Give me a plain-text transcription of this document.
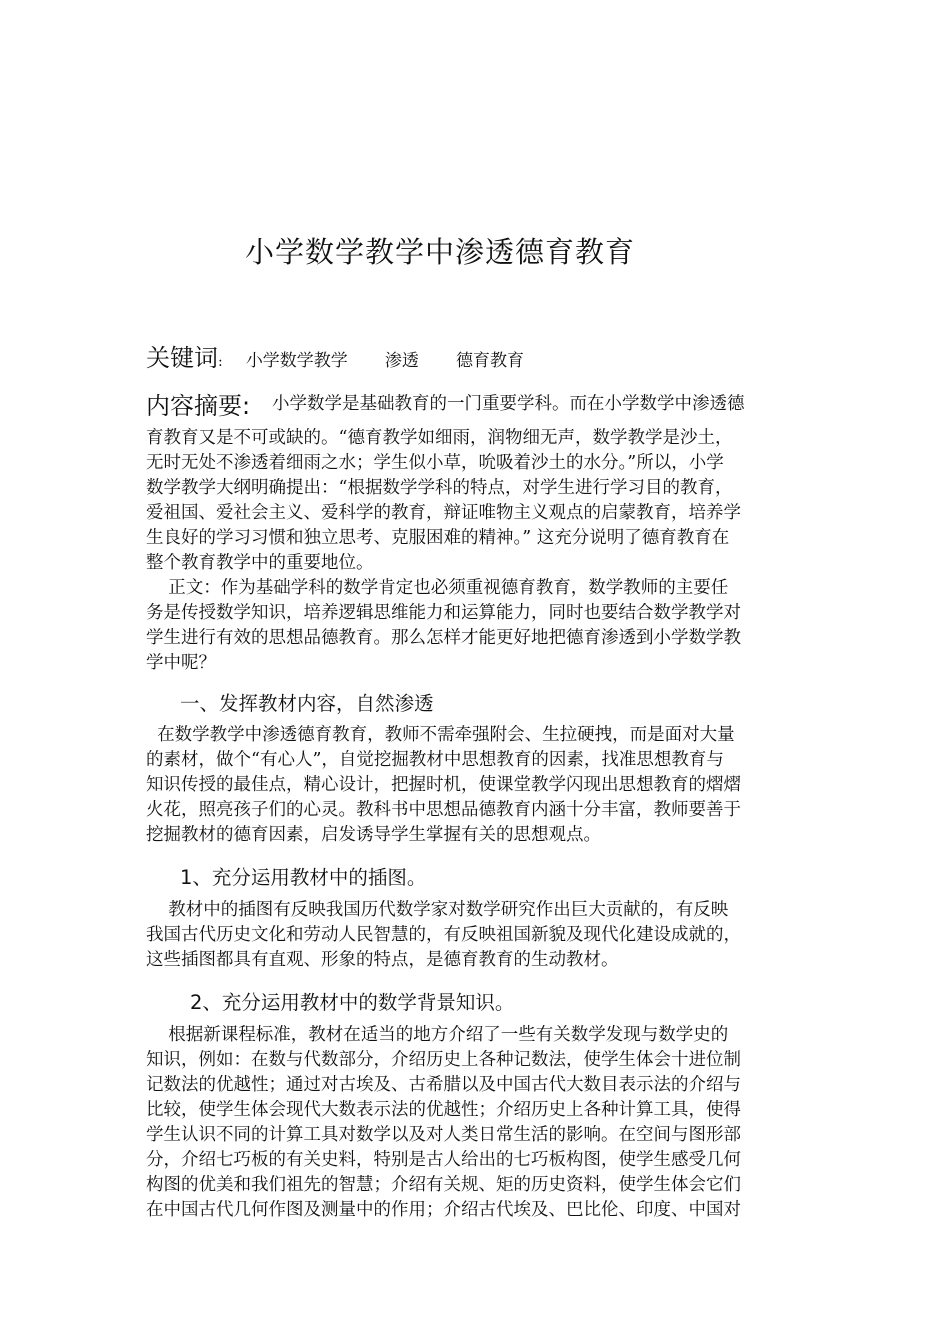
小学数学教学中渗透德育教育
关键词: 小学数学教学 渗透 德育教育
内容摘要: 小学数学是基础教育的一门重要学科。而在小学数学中渗透德
育教育又是不可或缺的。“德育教学如细雨，润物细无声，数学教学是沙土，
无时无处不渗透着细雨之水；学生似小草，吮吸着沙土的水分。”所以，小学
数学教学大纲明确提出：“根据数学学科的特点，对学生进行学习目的教育，
爱祖国、爱社会主义、爱科学的教育，辩证唯物主义观点的启蒙教育，培养学
生良好的学习习惯和独立思考、克服困难的精神。” 这充分说明了德育教育在
整个教育教学中的重要地位。
正文：作为基础学科的数学肯定也必须重视德育教育，数学教师的主要任
务是传授数学知识，培养逻辑思维能力和运算能力，同时也要结合数学教学对
学生进行有效的思想品德教育。那么怎样才能更好地把德育渗透到小学数学教
学中呢？
一、发挥教材内容，自然渗透
在数学教学中渗透德育教育，教师不需牵强附会、生拉硬拽，而是面对大量
的素材，做个“有心人”，自觉挖掘教材中思想教育的因素，找准思想教育与
知识传授的最佳点，精心设计，把握时机，使课堂教学闪现出思想教育的熠熠
火花，照亮孩子们的心灵。教科书中思想品德教育内涵十分丰富，教师要善于
挖掘教材的德育因素，启发诱导学生掌握有关的思想观点。
1、充分运用教材中的插图。
教材中的插图有反映我国历代数学家对数学研究作出巨大贡献的，有反映
我国古代历史文化和劳动人民智慧的，有反映祖国新貌及现代化建设成就的，
这些插图都具有直观、形象的特点，是德育教育的生动教材。
2、充分运用教材中的数学背景知识。
根据新课程标准，教材在适当的地方介绍了一些有关数学发现与数学史的
知识，例如：在数与代数部分，介绍历史上各种记数法，使学生体会十进位制
记数法的优越性；通过对古埃及、古希腊以及中国古代大数目表示法的介绍与
比较，使学生体会现代大数表示法的优越性；介绍历史上各种计算工具，使得
学生认识不同的计算工具对数学以及对人类日常生活的影响。在空间与图形部
分，介绍七巧板的有关史料，特别是古人给出的七巧板构图，使学生感受几何
构图的优美和我们祖先的智慧；介绍有关规、矩的历史资料，使学生体会它们
在中国古代几何作图及测量中的作用；介绍古代埃及、巴比伦、印度、中国对
